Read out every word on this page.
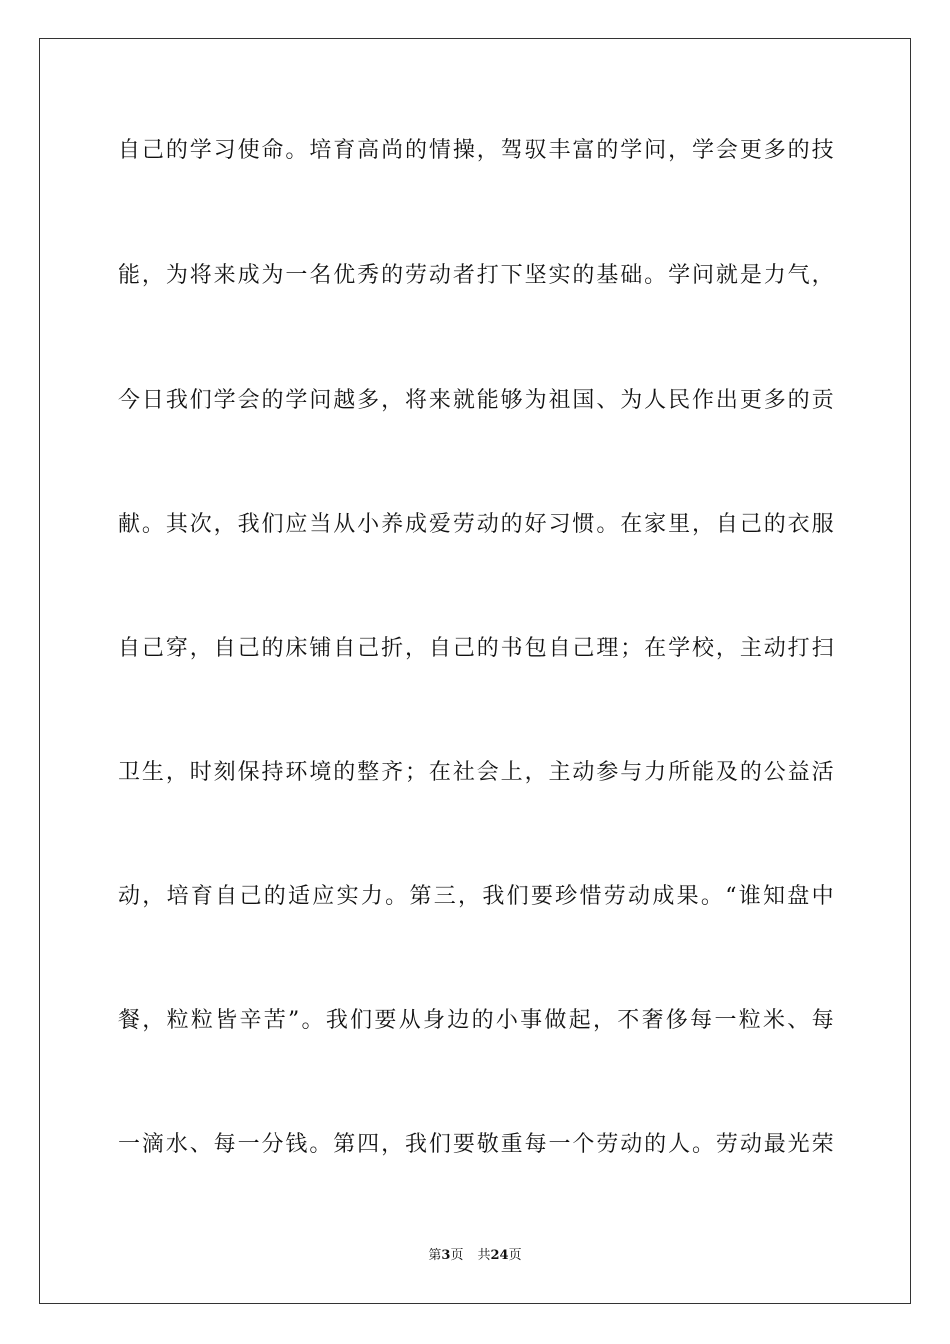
自己的学习使命。培育高尚的情操，驾驭丰富的学问，学会更多的技
能，为将来成为一名优秀的劳动者打下坚实的基础。学问就是力气，
今日我们学会的学问越多，将来就能够为祖国、为人民作出更多的贡
献。其次，我们应当从小养成爱劳动的好习惯。在家里，自己的衣服
自己穿，自己的床铺自己折，自己的书包自己理；在学校，主动打扫
卫生，时刻保持环境的整齐；在社会上，主动参与力所能及的公益活
动，培育自己的适应实力。第三，我们要珍惜劳动成果。“谁知盘中
餐，粒粒皆辛苦”。我们要从身边的小事做起，不奢侈每一粒米、每
一滴水、每一分钱。第四，我们要敬重每一个劳动的人。劳动最光荣
第3页 共24页
